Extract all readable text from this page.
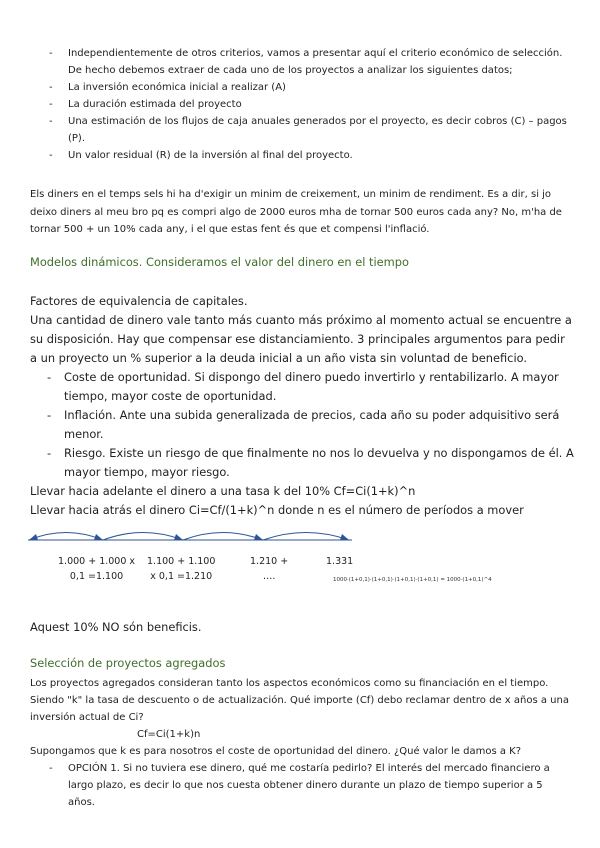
- Independientemente de otros criterios, vamos a presentar aquí el criterio económico de selección. De hecho debemos extraer de cada uno de los proyectos a analizar los siguientes datos;
- La inversión económica inicial a realizar (A)
- La duración estimada del proyecto
- Una estimación de los flujos de caja anuales generados por el proyecto, es decir cobros (C) – pagos (P).
- Un valor residual (R) de la inversión al final del proyecto.

Els diners en el temps sels hi ha d'exigir un minim de creixement, un minim de rendiment. Es a dir, si jo deixo diners al meu bro pq es compri algo de 2000 euros mha de tornar 500 euros cada any? No, m'ha de tornar 500 + un 10% cada any, i el que estas fent és que et compensi l'inflació.

Modelos dinámicos. Consideramos el valor del dinero en el tiempo

Factores de equivalencia de capitales.

Una cantidad de dinero vale tanto más cuanto más próximo al momento actual se encuentre a su disposición. Hay que compensar ese distanciamiento. 3 principales argumentos para pedir a un proyecto un % superior a la deuda inicial a un año vista sin voluntad de beneficio.

- Coste de oportunidad. Si dispongo del dinero puedo invertirlo y rentabilizarlo. A mayor tiempo, mayor coste de oportunidad.
- Inflación. Ante una subida generalizada de precios, cada año su poder adquisitivo será menor.
- Riesgo. Existe un riesgo de que finalmente no nos lo devuelva y no dispongamos de él. A mayor tiempo, mayor riesgo.

Llevar hacia adelante el dinero a una tasa k del 10% Cf=Ci(1+k)^n

Llevar hacia atrás el dinero Ci=Cf/(1+k)^n donde n es el número de períodos a mover

1.000 + 1.000 x
0,1 =1.100
1.100 + 1.100
x 0,1 =1.210
1.210 +
….
1.331
1000·(1+0,1)·(1+0,1)·(1+0,1)·(1+0,1) = 1000·(1+0,1)^4

Aquest 10% NO són beneficis.

Selección de proyectos agregados

Los proyectos agregados consideran tanto los aspectos económicos como su financiación en el tiempo. Siendo "k" la tasa de descuento o de actualización. Qué importe (Cf) debo reclamar dentro de x años a una inversión actual de Ci?

Cf=Ci(1+k)n

Supongamos que k es para nosotros el coste de oportunidad del dinero. ¿Qué valor le damos a K?

- OPCIÓN 1. Si no tuviera ese dinero, qué me costaría pedirlo? El interés del mercado financiero a largo plazo, es decir lo que nos cuesta obtener dinero durante un plazo de tiempo superior a 5 años.
